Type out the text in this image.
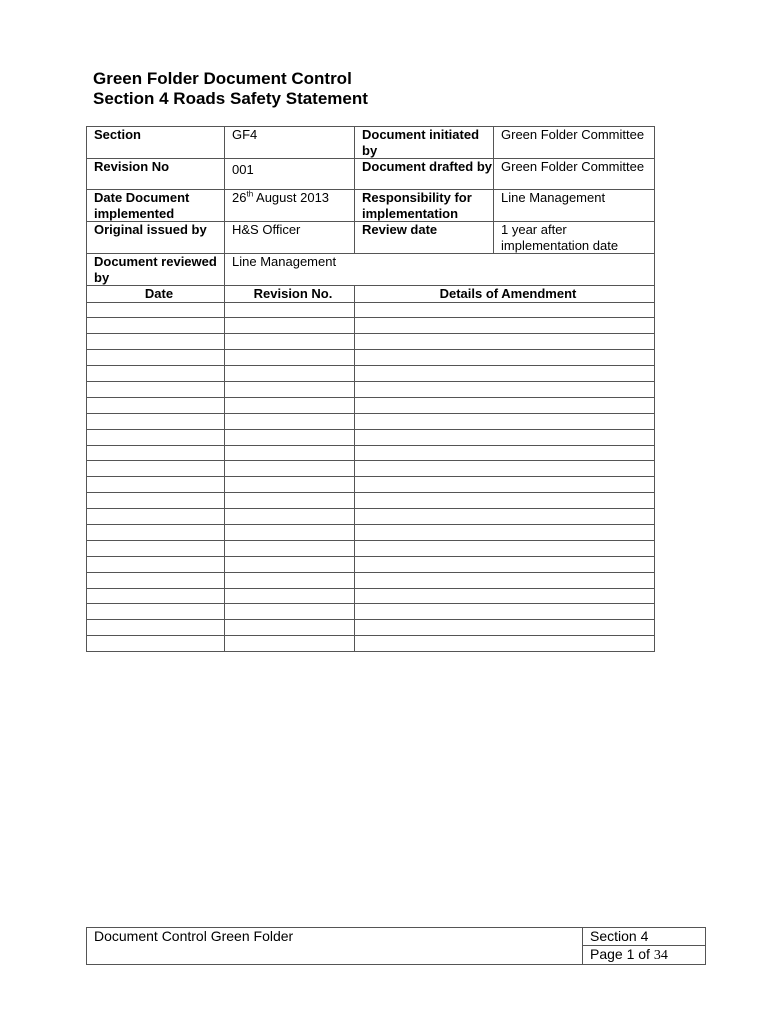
Green Folder Document Control
Section 4 Roads Safety Statement
Section	GF4	Document initiated by	Green Folder Committee
Revision No	001	Document drafted by	Green Folder Committee
Date Document implemented	26th August 2013	Responsibility for implementation	Line Management
Original issued by	H&S Officer	Review date	1 year after implementation date
Document reviewed by	Line Management		
Date	Revision No.	Details of Amendment	

Document Control Green Folder	Section 4
Page 1 of 34
